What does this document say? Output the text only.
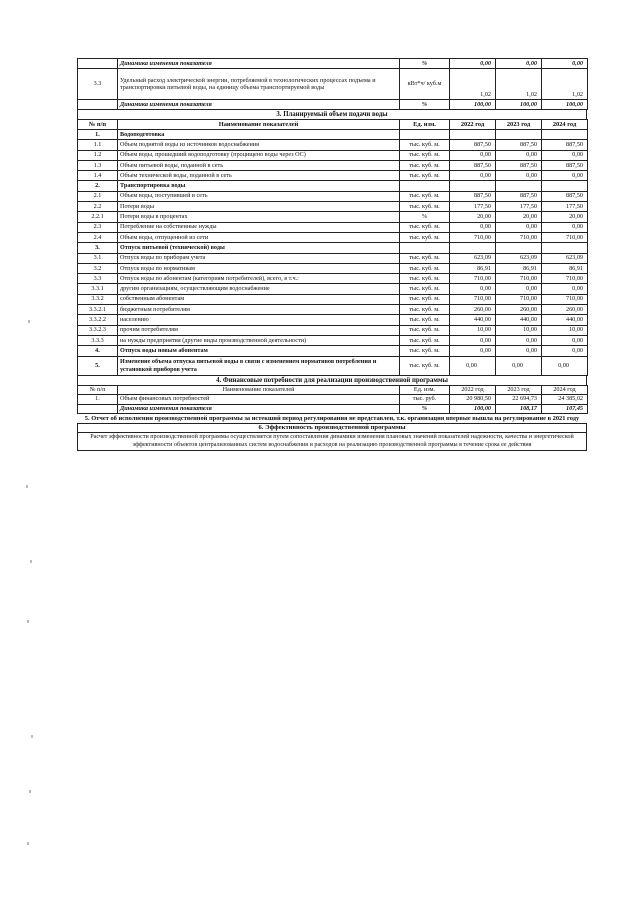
	Динамика изменения показателя	%	0,00	0,00	0,00
3.3	Удельный расход электрической энергии, потребляемой в технологических процессах подъема и транспортировки питьевой воды, на единицу объема транспортируемой воды	кВт*ч/ куб.м	1,02	1,02	1,02
	Динамика изменения показателя	%	100,00	100,00	100,00
3. Планируемый объем подачи воды
№ п/п	Наименование показателей	Ед. изм.	2022 год	2023 год	2024 год
1.	Водоподготовка				
1.1	Объем поднятой воды из источников водоснабжения	тыс. куб. м.	887,50	887,50	887,50
1.2	Объем воды, прошедший водоподготовку (процищено воды через ОС)	тыс. куб. м.	0,00	0,00	0,00
1.3	Объем питьевой воды, поданной в сеть	тыс. куб. м.	887,50	887,50	887,50
1.4	Объем технической воды, поданной в сеть	тыс. куб. м.	0,00	0,00	0,00
2.	Транспортировка воды				
2.1	Объем воды, поступившей в сеть	тыс. куб. м.	887,50	887,50	887,50
2.2	Потери воды	тыс. куб. м.	177,50	177,50	177,50
2.2.1	Потери воды в процентах	%	20,00	20,00	20,00
2.3	Потребление на собственные нужды	тыс. куб. м.	0,00	0,00	0,00
2.4	Объем воды, отпущенной из сети	тыс. куб. м.	710,00	710,00	710,00
3.	Отпуск питьевой (технической) воды				
3.1	Отпуск воды по приборам учета	тыс. куб. м.	623,09	623,09	623,09
3.2	Отпуск воды по нормативам	тыс. куб. м.	86,91	86,91	86,91
3.3	Отпуск воды по абонентам (категориям потребителей), всего, в т.ч.:	тыс. куб. м.	710,00	710,00	710,00
3.3.1	другим организациям, осуществляющим водоснабжение	тыс. куб. м.	0,00	0,00	0,00
3.3.2	собственным абонентам	тыс. куб. м.	710,00	710,00	710,00
3.3.2.1	бюджетным потребителям	тыс. куб. м.	260,00	260,00	260,00
3.3.2.2	населению	тыс. куб. м.	440,00	440,00	440,00
3.3.2.3	прочим потребителям	тыс. куб. м.	10,00	10,00	10,00
3.3.3	на нужды предприятия (другие виды производственной деятельности)	тыс. куб. м.	0,00	0,00	0,00
4.	Отпуск воды новым абонентам	тыс. куб. м.	0,00	0,00	0,00
5.	Изменение объема отпуска питьевой воды в связи с изменением нормативов потребления и установкой приборов учета	тыс. куб. м.	0,00	0,00	0,00
4. Финансовые потребности для реализации производственной программы
№ п/п	Наименование показателей	Ед. изм.	2022 год	2023 год	2024 год
1.	Объем финансовых потребностей	тыс. руб.	20 980,50	22 694,73	24 385,02
	Динамика изменения показателя	%	100,00	108,17	107,45
5. Отчет об исполнении производственной программы за истекший период регулирования не представлен, т.к. организация впервые вышла на регулирование в 2021 году
6. Эффективность производственной программы
Расчет эффективности производственной программы осуществляется путем сопоставления динамики изменения плановых значений показателей надежности, качества и энергетической эффективности объектов централизованных систем водоснабжения и расходов на реализацию производственной программы в течение срока ее действия
